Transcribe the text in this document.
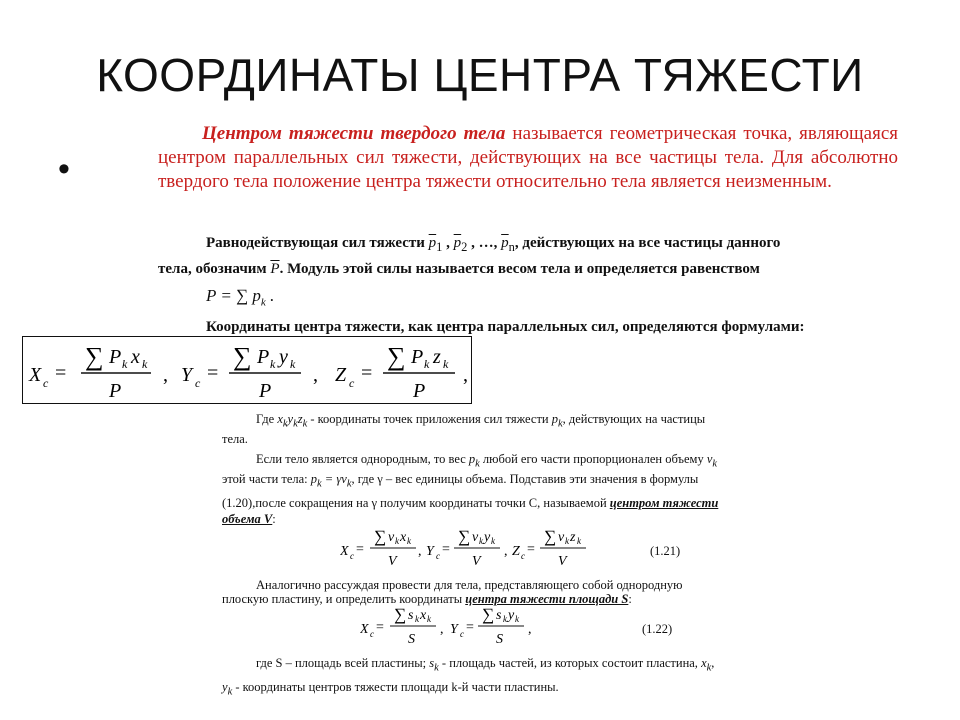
КООРДИНАТЫ ЦЕНТРА ТЯЖЕСТИ
•
Центром тяжести твердого тела называется геометрическая точка, являющаяся центром параллельных сил тяжести, действующих на все частицы тела. Для абсолютно твердого тела положение центра тяжести относительно тела является неизменным.
Равнодействующая сил тяжести $\overline{p}_1$ , $\overline{p}_2$ , …, $\overline{p}_n$, действующих на все частицы данного
тела, обозначим $\overline{P}$. Модуль этой силы называется весом тела и определяется равенством
P = ∑ $p_k$ .
Координаты центра тяжести, как центра параллельных сил, определяются формулами:
X c =
∑ P k x k
P
, Y c =
∑ P k y k
P
, Z c =
∑ P k z k
P
,
Где $x_ky_kz_k$ - координаты точек приложения сил тяжести $p_k$, действующих на частицы
тела.
Если тело является однородным, то вес $p_k$ любой его части пропорционален объему $v_k$
этой части тела: $p_k = \gamma v_k$, где γ – вес единицы объема. Подставив эти значения в формулы
(1.20),после сокращения на γ получим координаты точки С, называемой центром тяжести
объема V:
X c =
∑ v k x k
V
, Y c =
∑ v k y k
V
, Z c =
∑ v k z k
V
(1.21)
Аналогично рассуждая провести для тела, представляющего собой однородную
плоскую пластину, и определить координаты центра тяжести площади S:
X c =
∑ s k x k
S
, Y c =
∑ s k y k
S
,	(1.22)
где S – площадь всей пластины; $s_k$ - площадь частей, из которых состоит пластина, $x_k$,
$y_k$ - координаты центров тяжести площади k-й части пластины.
